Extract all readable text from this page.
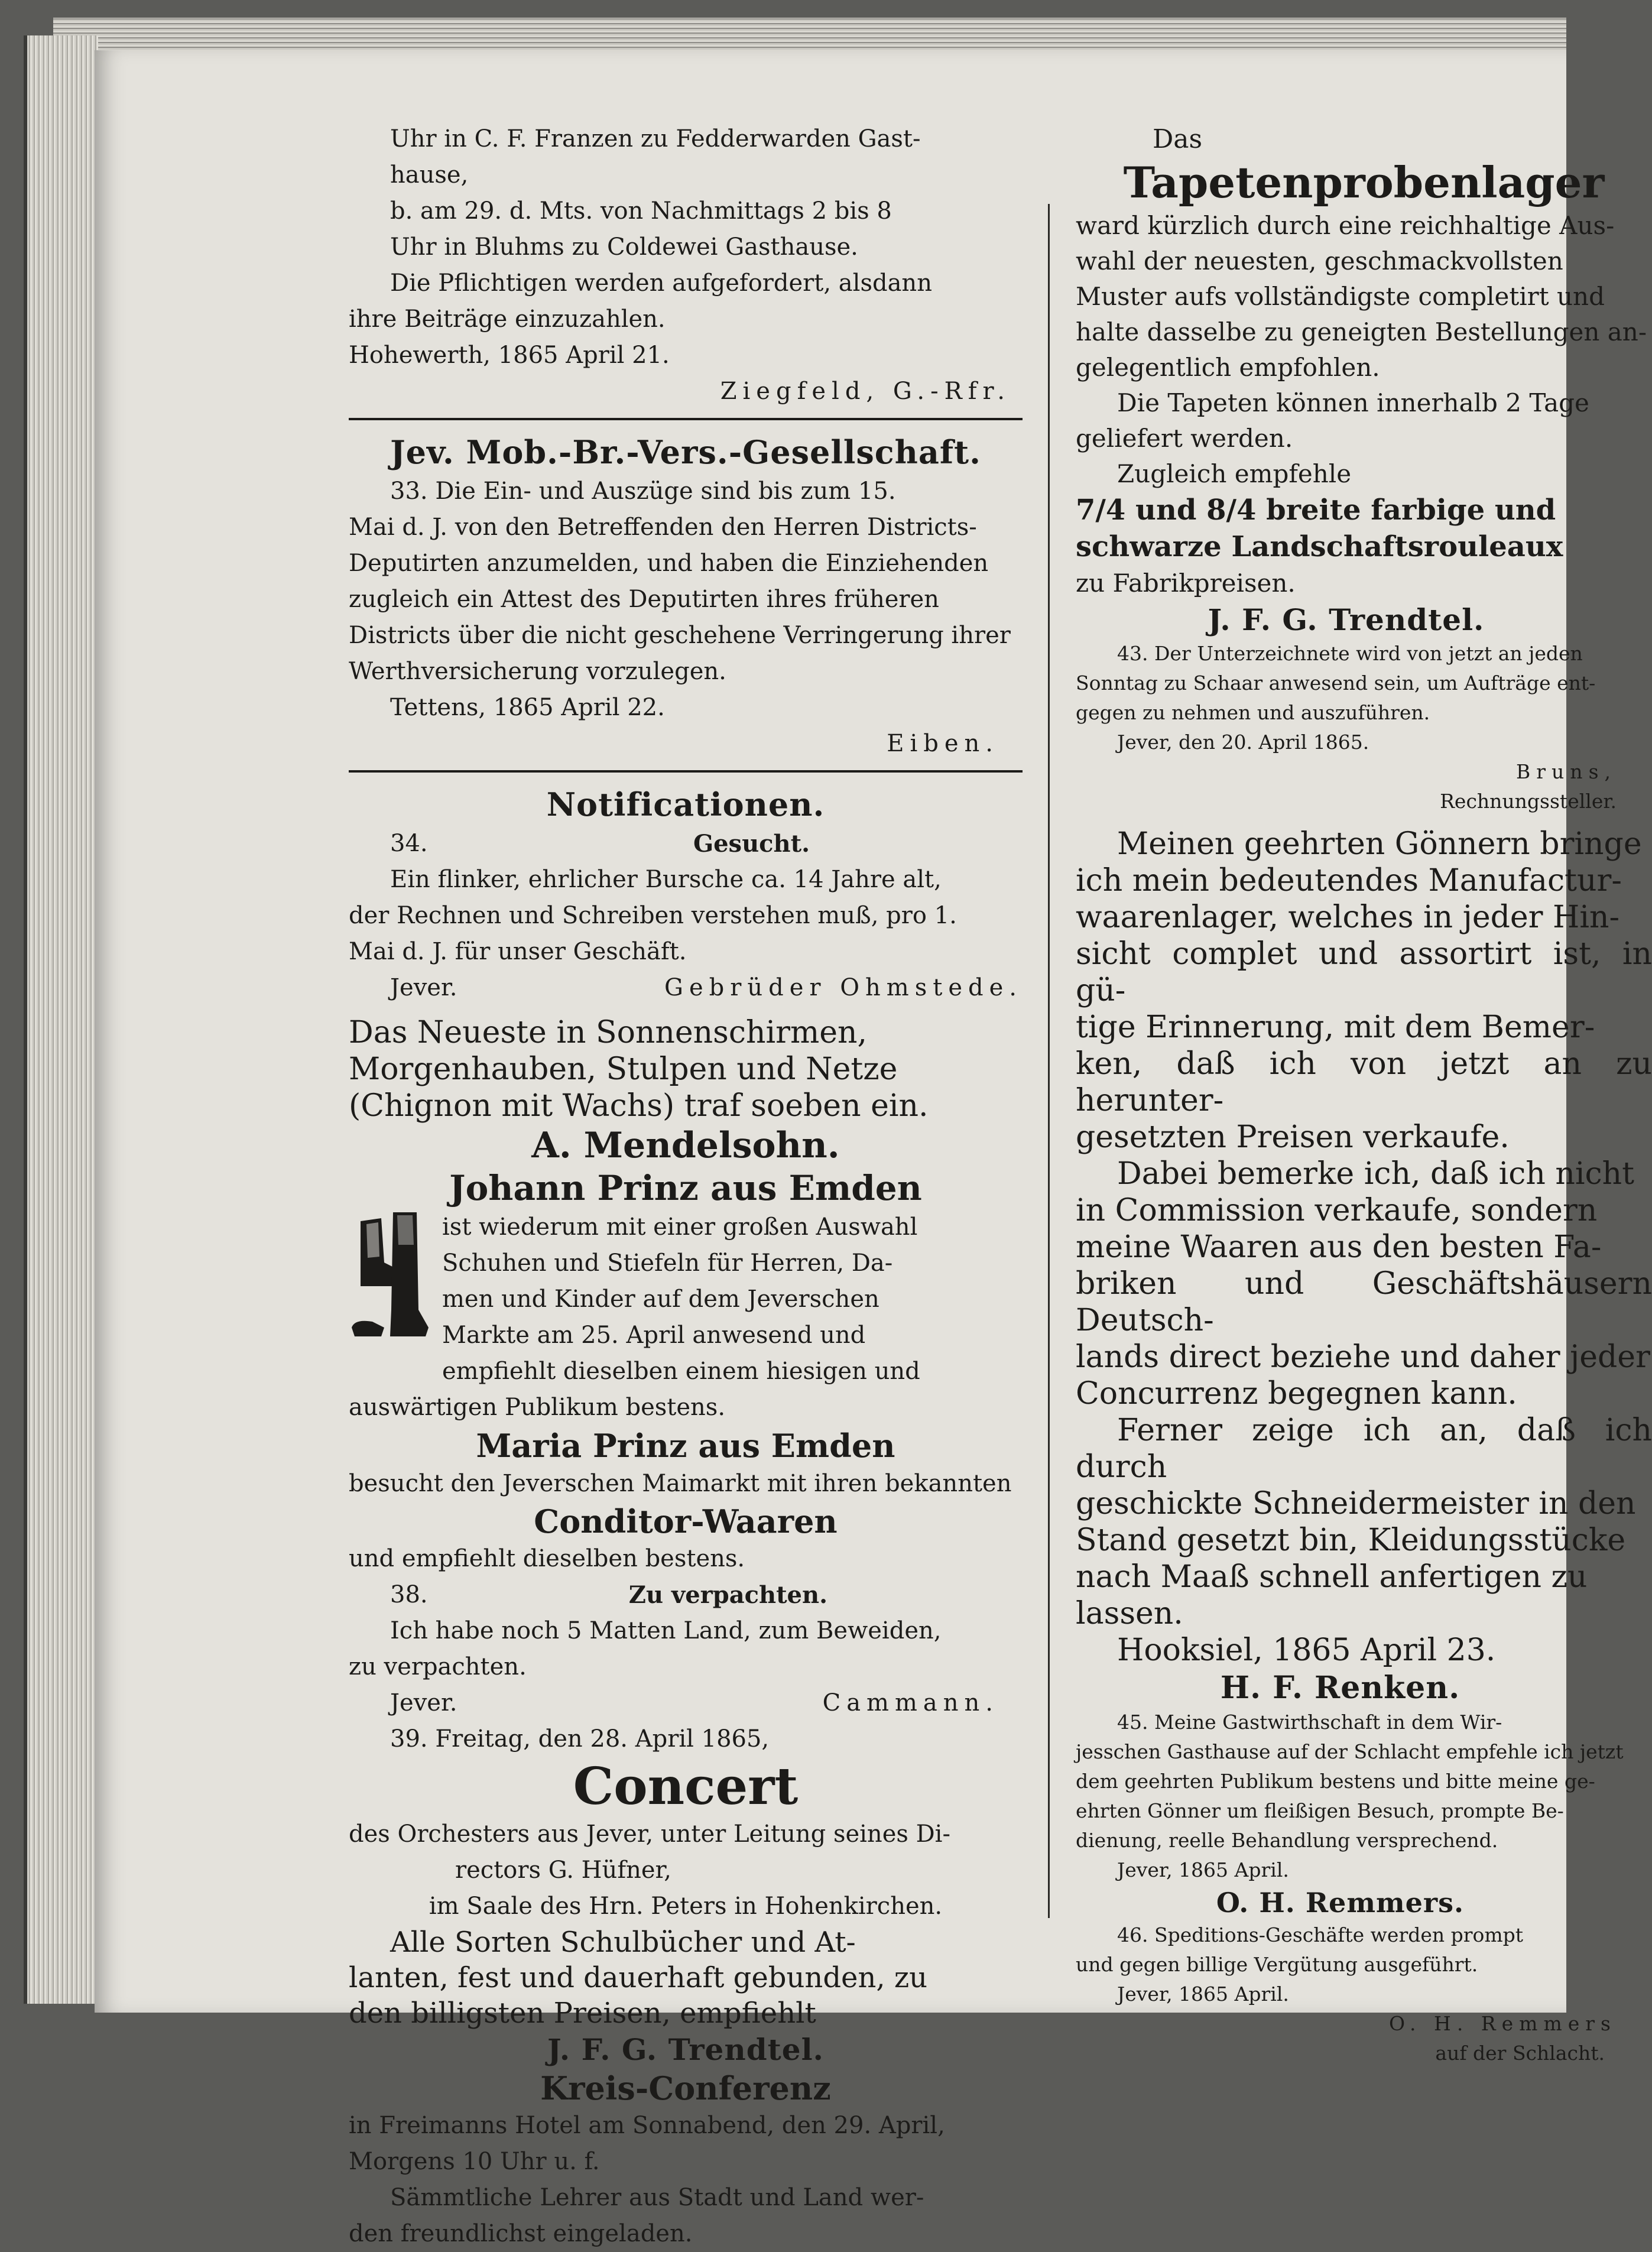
Uhr in C. F. Franzen zu Fedderwarden Gast-
hause,
b. am 29. d. Mts. von Nachmittags 2 bis 8
Uhr in Bluhms zu Coldewei Gasthause.
Die Pflichtigen werden aufgefordert, alsdann
ihre Beiträge einzuzahlen.
Hohewerth, 1865 April 21.
Ziegfeld, G.-Rfr.
Jev. Mob.-Br.-Vers.-Gesellschaft.
33. Die Ein- und Auszüge sind bis zum 15.
Mai d. J. von den Betreffenden den Herren Districts-
Deputirten anzumelden, und haben die Einziehenden
zugleich ein Attest des Deputirten ihres früheren
Districts über die nicht geschehene Verringerung ihrer
Werthversicherung vorzulegen.
Tettens, 1865 April 22.
Eiben.
Notificationen.
34.	Gesucht.
Ein flinker, ehrlicher Bursche ca. 14 Jahre alt,
der Rechnen und Schreiben verstehen muß, pro 1.
Mai d. J. für unser Geschäft.
Jever.	Gebrüder Ohmstede.
Das Neueste in Sonnenschirmen,
Morgenhauben, Stulpen und Netze
(Chignon mit Wachs) traf soeben ein.
A. Mendelsohn.
Johann Prinz aus Emden
ist wiederum mit einer großen Auswahl
Schuhen und Stiefeln für Herren, Da-
men und Kinder auf dem Jeverschen
Markte am 25. April anwesend und
empfiehlt dieselben einem hiesigen und
auswärtigen Publikum bestens.
Maria Prinz aus Emden
besucht den Jeverschen Maimarkt mit ihren bekannten
Conditor-Waaren
und empfiehlt dieselben bestens.
38.	Zu verpachten.
Ich habe noch 5 Matten Land, zum Beweiden,
zu verpachten.
Jever.	Cammann.
39. Freitag, den 28. April 1865,
Concert
des Orchesters aus Jever, unter Leitung seines Di-
rectors G. Hüfner,
im Saale des Hrn. Peters in Hohenkirchen.
Alle Sorten Schulbücher und At-
lanten, fest und dauerhaft gebunden, zu
den billigsten Preisen, empfiehlt
J. F. G. Trendtel.
Kreis-Conferenz
in Freimanns Hotel am Sonnabend, den 29. April,
Morgens 10 Uhr u. f.
Sämmtliche Lehrer aus Stadt und Land wer-
den freundlichst eingeladen.
Das
Tapetenprobenlager
ward kürzlich durch eine reichhaltige Aus-
wahl der neuesten, geschmackvollsten
Muster aufs vollständigste completirt und
halte dasselbe zu geneigten Bestellungen an-
gelegentlich empfohlen.
Die Tapeten können innerhalb 2 Tage
geliefert werden.
Zugleich empfehle
7/4 und 8/4 breite farbige und
schwarze Landschaftsrouleaux
zu Fabrikpreisen.
J. F. G. Trendtel.
43. Der Unterzeichnete wird von jetzt an jeden
Sonntag zu Schaar anwesend sein, um Aufträge ent-
gegen zu nehmen und auszuführen.
Jever, den 20. April 1865.
Bruns,
Rechnungssteller.
Meinen geehrten Gönnern bringe
ich mein bedeutendes Manufactur-
waarenlager, welches in jeder Hin-
sicht complet und assortirt ist, in gü-
tige Erinnerung, mit dem Bemer-
ken, daß ich von jetzt an zu herunter-
gesetzten Preisen verkaufe.
Dabei bemerke ich, daß ich nicht
in Commission verkaufe, sondern
meine Waaren aus den besten Fa-
briken und Geschäftshäusern Deutsch-
lands direct beziehe und daher jeder
Concurrenz begegnen kann.
Ferner zeige ich an, daß ich durch
geschickte Schneidermeister in den
Stand gesetzt bin, Kleidungsstücke
nach Maaß schnell anfertigen zu
lassen.
Hooksiel, 1865 April 23.
H. F. Renken.
45. Meine Gastwirthschaft in dem Wir-
jesschen Gasthause auf der Schlacht empfehle ich jetzt
dem geehrten Publikum bestens und bitte meine ge-
ehrten Gönner um fleißigen Besuch, prompte Be-
dienung, reelle Behandlung versprechend.
Jever, 1865 April.
O. H. Remmers.
46. Speditions-Geschäfte werden prompt
und gegen billige Vergütung ausgeführt.
Jever, 1865 April.
O. H. Remmers
auf der Schlacht.
